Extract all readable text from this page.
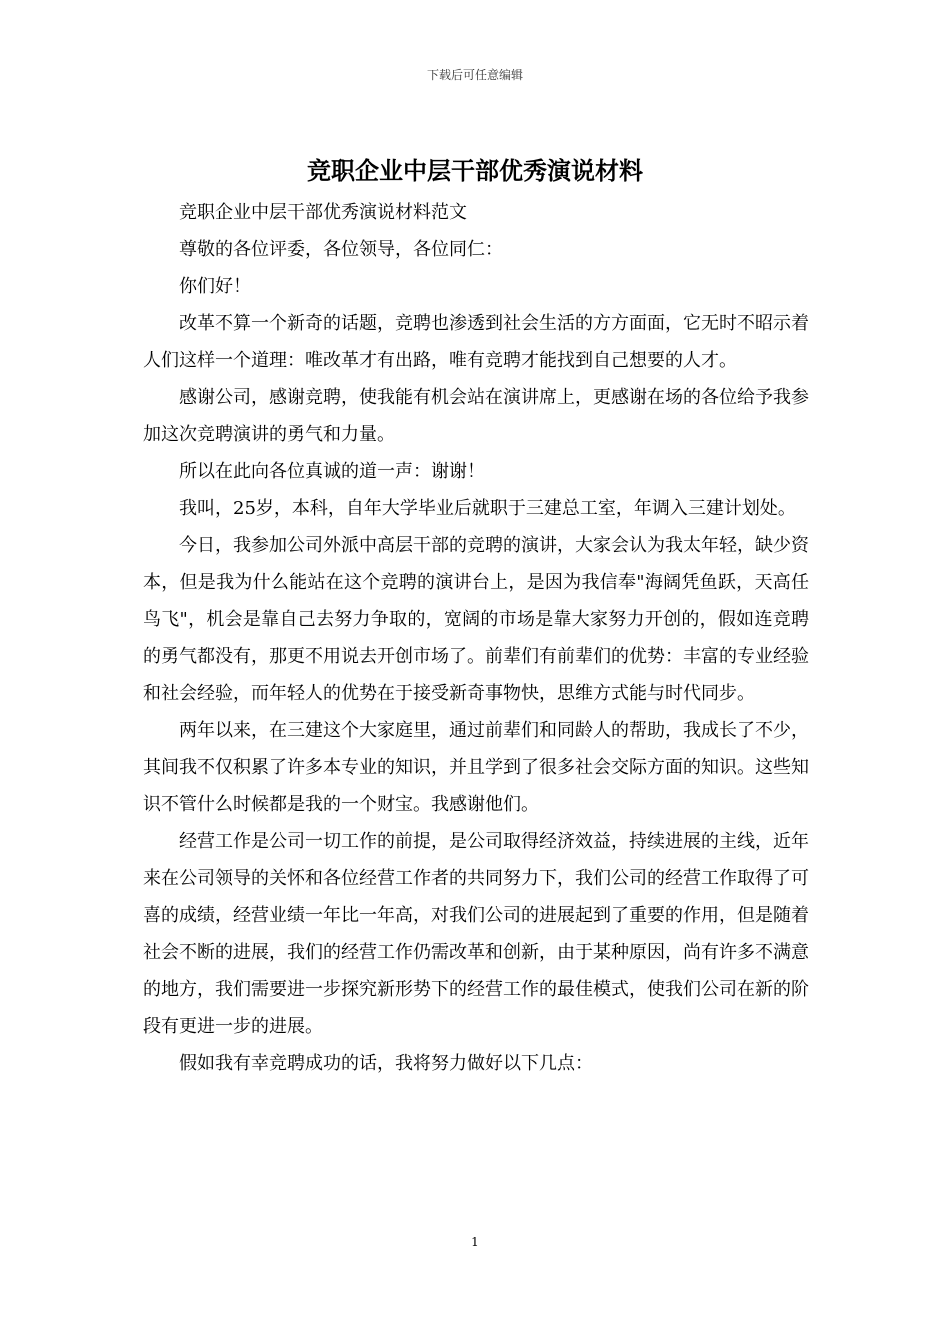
下载后可任意编辑
竞职企业中层干部优秀演说材料

竞职企业中层干部优秀演说材料范文

尊敬的各位评委，各位领导，各位同仁：

你们好！

改革不算一个新奇的话题，竞聘也渗透到社会生活的方方面面，它无时不昭示着人们这样一个道理：唯改革才有出路，唯有竞聘才能找到自己想要的人才。

感谢公司，感谢竞聘，使我能有机会站在演讲席上，更感谢在场的各位给予我参加这次竞聘演讲的勇气和力量。

所以在此向各位真诚的道一声：谢谢！

我叫，25岁，本科，自年大学毕业后就职于三建总工室，年调入三建计划处。

今日，我参加公司外派中高层干部的竞聘的演讲，大家会认为我太年轻，缺少资本，但是我为什么能站在这个竞聘的演讲台上，是因为我信奉"海阔凭鱼跃，天高任鸟飞"，机会是靠自己去努力争取的，宽阔的市场是靠大家努力开创的，假如连竞聘的勇气都没有，那更不用说去开创市场了。前辈们有前辈们的优势：丰富的专业经验和社会经验，而年轻人的优势在于接受新奇事物快，思维方式能与时代同步。

两年以来，在三建这个大家庭里，通过前辈们和同龄人的帮助，我成长了不少，其间我不仅积累了许多本专业的知识，并且学到了很多社会交际方面的知识。这些知识不管什么时候都是我的一个财宝。我感谢他们。

经营工作是公司一切工作的前提，是公司取得经济效益，持续进展的主线，近年来在公司领导的关怀和各位经营工作者的共同努力下，我们公司的经营工作取得了可喜的成绩，经营业绩一年比一年高，对我们公司的进展起到了重要的作用，但是随着社会不断的进展，我们的经营工作仍需改革和创新，由于某种原因，尚有许多不满意的地方，我们需要进一步探究新形势下的经营工作的最佳模式，使我们公司在新的阶段有更进一步的进展。

假如我有幸竞聘成功的话，我将努力做好以下几点：

1
